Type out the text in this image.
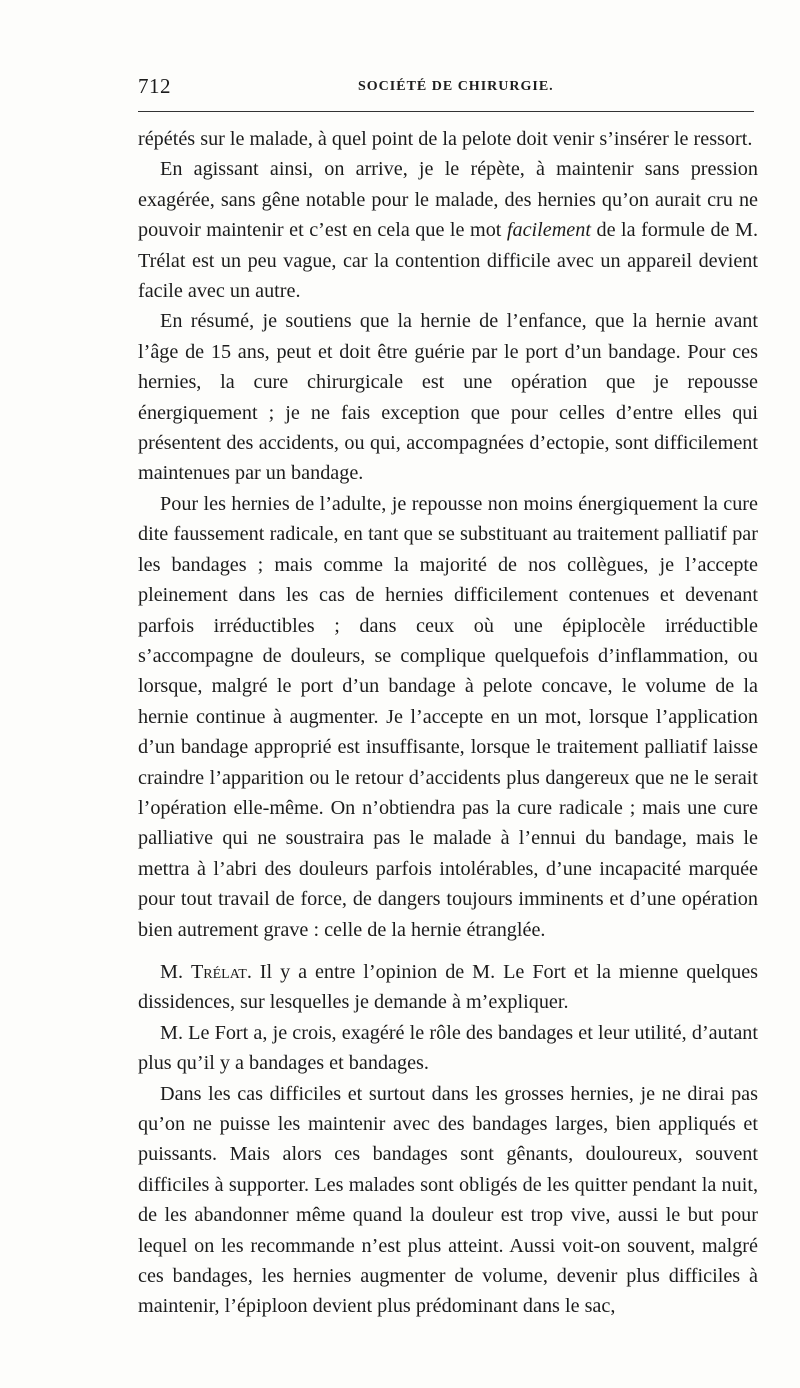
712	SOCIÉTÉ DE CHIRURGIE.

répétés sur le malade, à quel point de la pelote doit venir s’insérer le ressort.

En agissant ainsi, on arrive, je le répète, à maintenir sans pression exagérée, sans gêne notable pour le malade, des hernies qu’on aurait cru ne pouvoir maintenir et c’est en cela que le mot facilement de la formule de M. Trélat est un peu vague, car la contention difficile avec un appareil devient facile avec un autre.

En résumé, je soutiens que la hernie de l’enfance, que la hernie avant l’âge de 15 ans, peut et doit être guérie par le port d’un bandage. Pour ces hernies, la cure chirurgicale est une opération que je repousse énergiquement ; je ne fais exception que pour celles d’entre elles qui présentent des accidents, ou qui, accompagnées d’ectopie, sont difficilement maintenues par un bandage.

Pour les hernies de l’adulte, je repousse non moins énergiquement la cure dite faussement radicale, en tant que se substituant au traitement palliatif par les bandages ; mais comme la majorité de nos collègues, je l’accepte pleinement dans les cas de hernies difficilement contenues et devenant parfois irréductibles ; dans ceux où une épiplocèle irréductible s’accompagne de douleurs, se complique quelquefois d’inflammation, ou lorsque, malgré le port d’un bandage à pelote concave, le volume de la hernie continue à augmenter. Je l’accepte en un mot, lorsque l’application d’un bandage approprié est insuffisante, lorsque le traitement palliatif laisse craindre l’apparition ou le retour d’accidents plus dangereux que ne le serait l’opération elle-même. On n’obtiendra pas la cure radicale ; mais une cure palliative qui ne soustraira pas le malade à l’ennui du bandage, mais le mettra à l’abri des douleurs parfois intolérables, d’une incapacité marquée pour tout travail de force, de dangers toujours imminents et d’une opération bien autrement grave : celle de la hernie étranglée.

M. Trélat. Il y a entre l’opinion de M. Le Fort et la mienne quelques dissidences, sur lesquelles je demande à m’expliquer.

M. Le Fort a, je crois, exagéré le rôle des bandages et leur utilité, d’autant plus qu’il y a bandages et bandages.

Dans les cas difficiles et surtout dans les grosses hernies, je ne dirai pas qu’on ne puisse les maintenir avec des bandages larges, bien appliqués et puissants. Mais alors ces bandages sont gênants, douloureux, souvent difficiles à supporter. Les malades sont obligés de les quitter pendant la nuit, de les abandonner même quand la douleur est trop vive, aussi le but pour lequel on les recommande n’est plus atteint. Aussi voit-on souvent, malgré ces bandages, les hernies augmenter de volume, devenir plus difficiles à maintenir, l’épiploon devient plus prédominant dans le sac,
